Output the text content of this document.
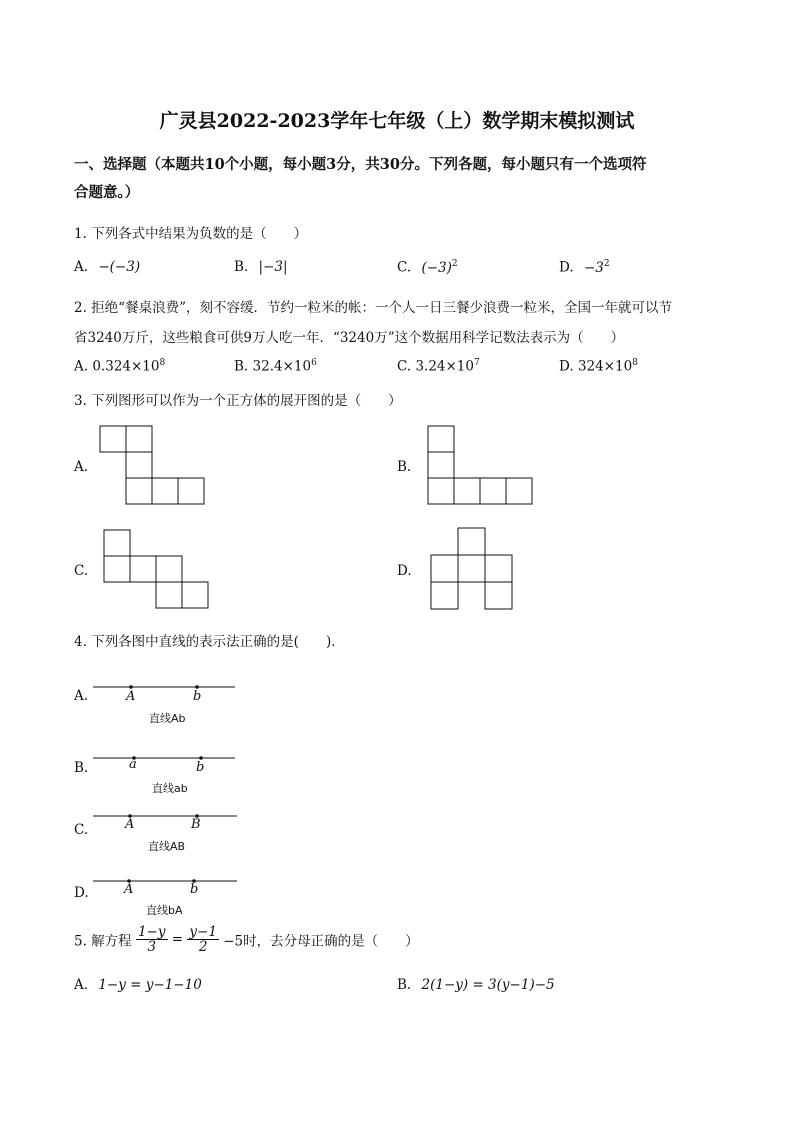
广灵县2022-2023学年七年级（上）数学期末模拟测试
一、选择题（本题共10个小题，每小题3分，共30分。下列各题，每小题只有一个选项符
合题意。）
1. 下列各式中结果为负数的是（　　）
A. −(−3)	B. |−3|	C. $(-3)^2$	D. $-3^2$
2. 拒绝“餐桌浪费”，刻不容缓．节约一粒米的帐：一个人一日三餐少浪费一粒米，全国一年就可以节
省3240万斤，这些粮食可供9万人吃一年．“3240万”这个数据用科学记数法表示为（　　）
A. $0.324\times 10^8$	B. $32.4\times 10^6$	C. $3.24\times 10^7$	D. $324\times 10^8$
3. 下列图形可以作为一个正方体的展开图的是（　　）
A.	B.
C.	D.
4. 下列各图中直线的表示法正确的是(　　)．
A.	A	b
直线Ab
B.	a	b
直线ab
C.	A	B
直线AB
D.	A	b
直线bA
5. 解方程 $\frac{1-y}{3} = \frac{y-1}{2} -5$时，去分母正确的是（　　）
A. 1−y = y−1−10	B. 2(1−y) = 3(y−1)−5
